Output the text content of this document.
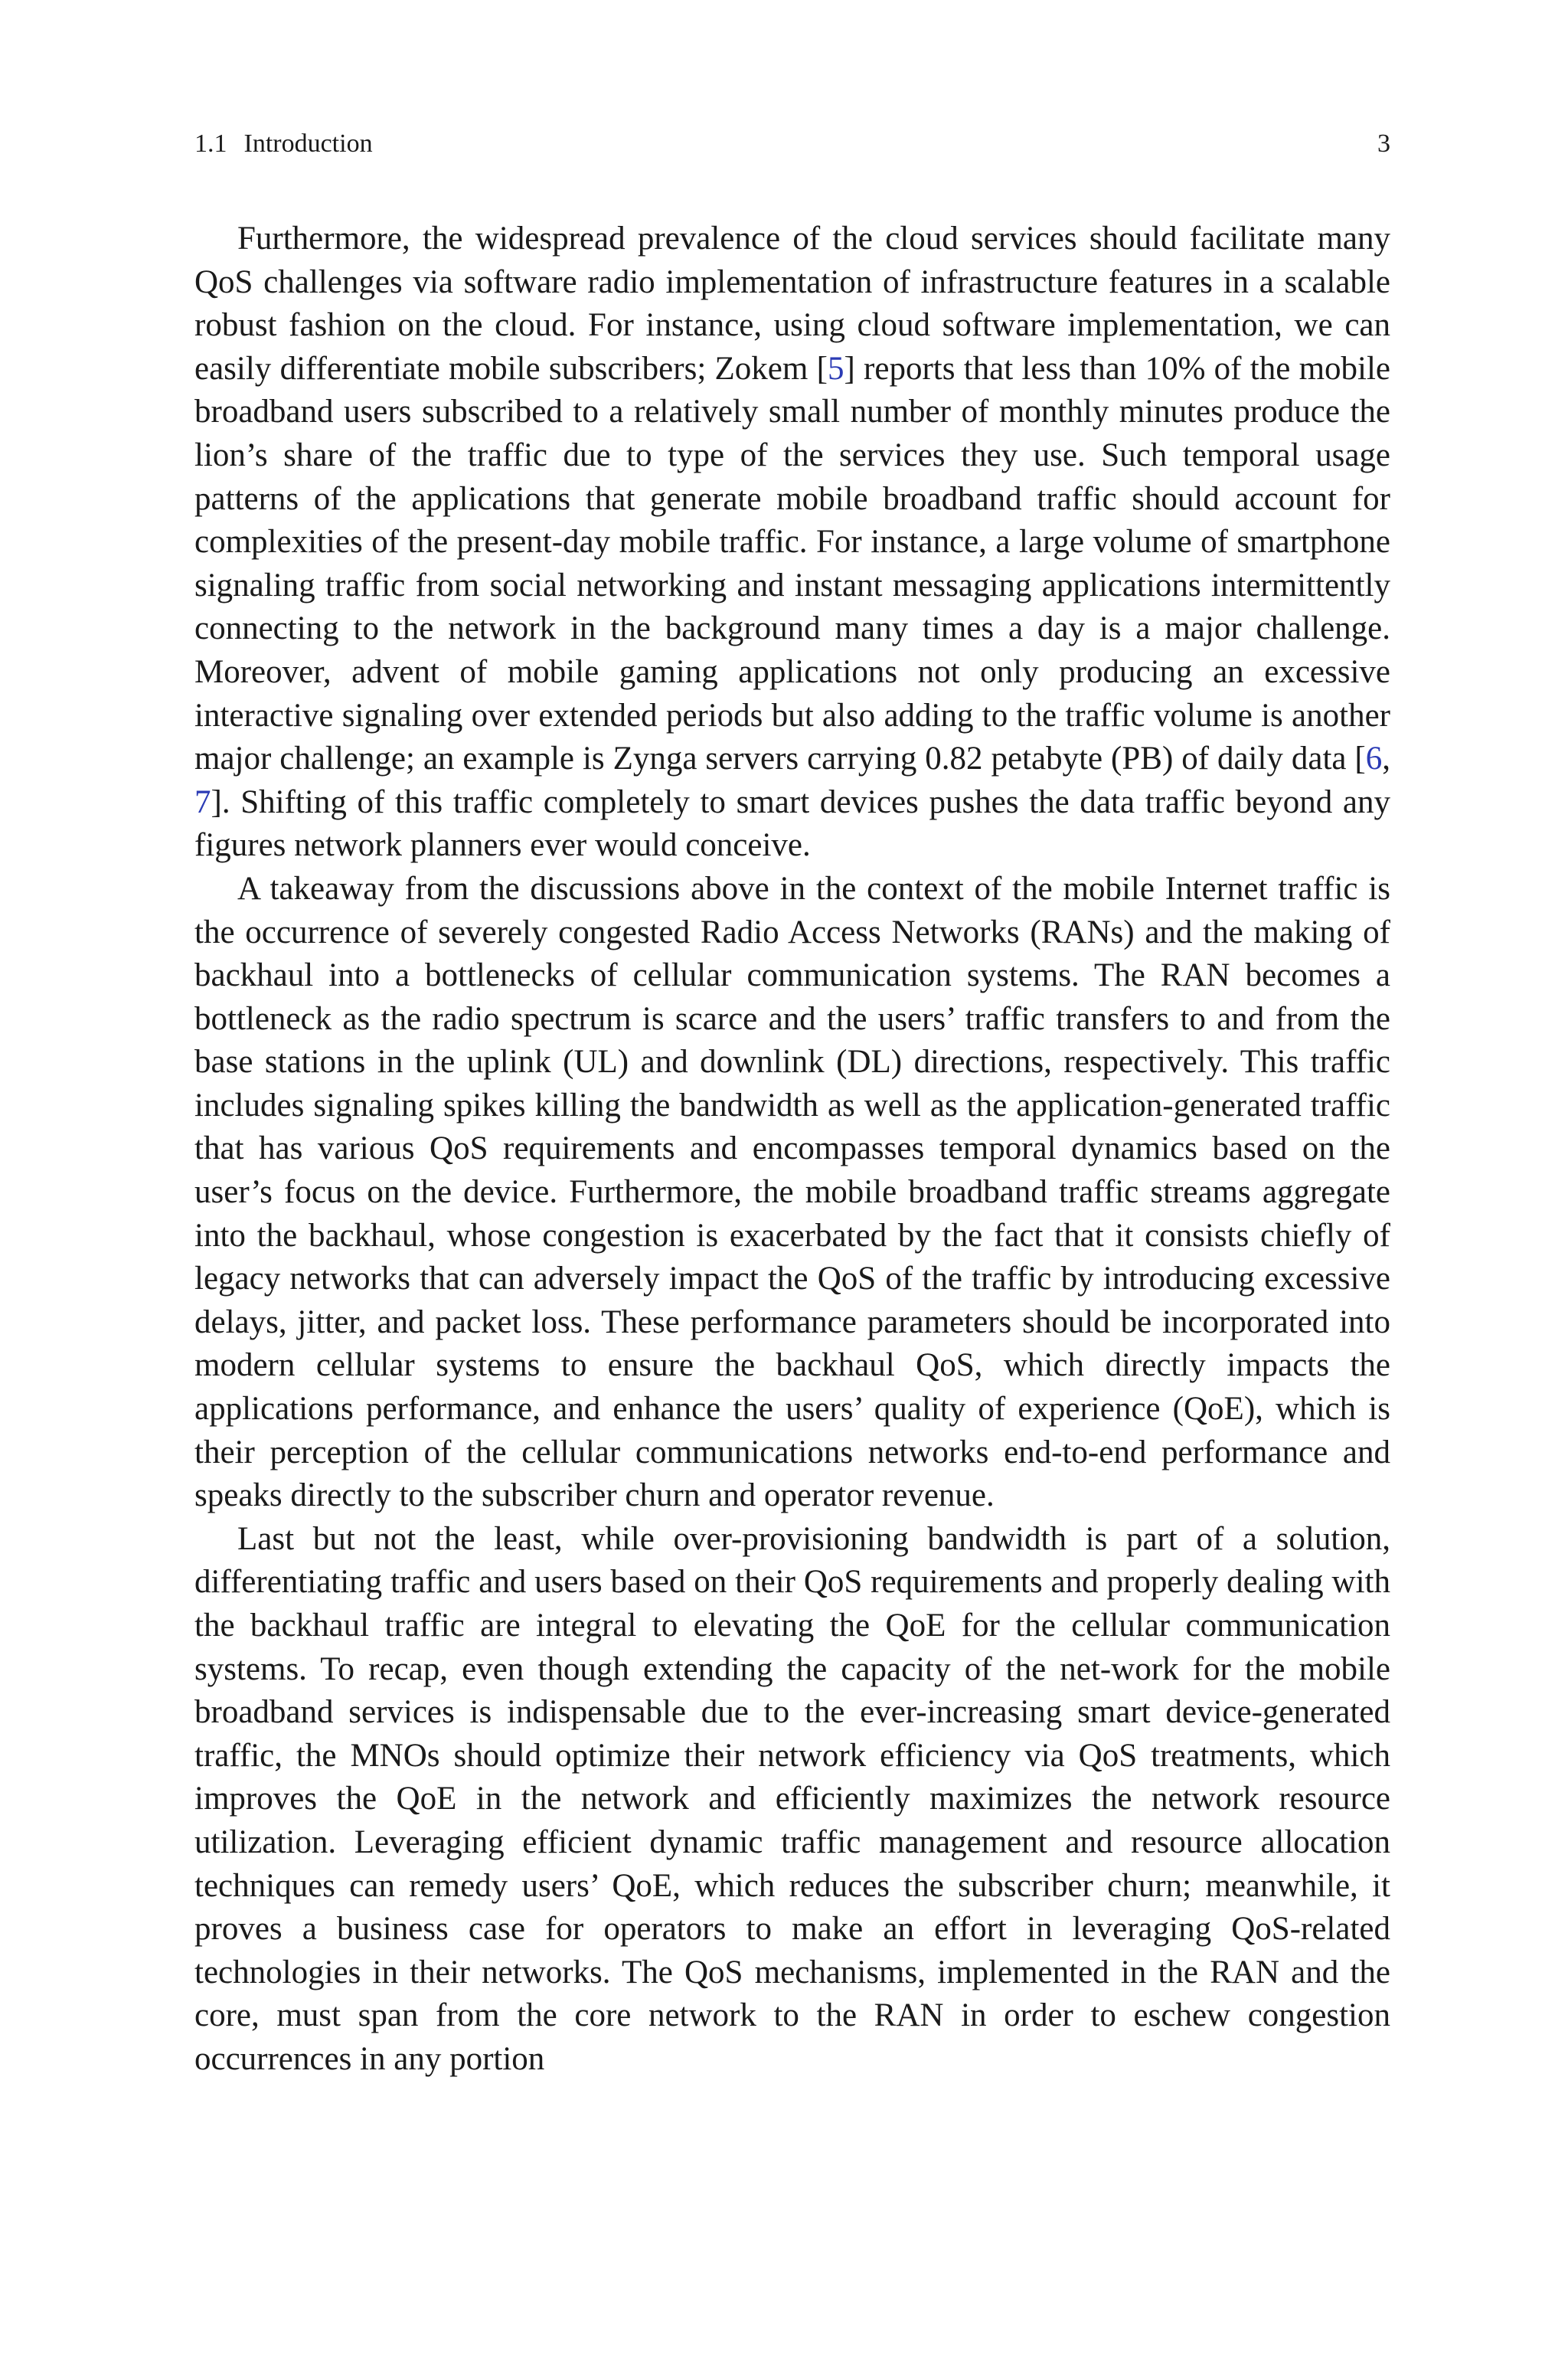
1.1 Introduction	3

Furthermore, the widespread prevalence of the cloud services should facilitate many QoS challenges via software radio implementation of infrastructure features in a scalable robust fashion on the cloud. For instance, using cloud software implementation, we can easily differentiate mobile subscribers; Zokem [5] reports that less than 10% of the mobile broadband users subscribed to a relatively small number of monthly minutes produce the lion’s share of the traffic due to type of the services they use. Such temporal usage patterns of the applications that generate mobile broadband traffic should account for complexities of the present-day mobile traffic. For instance, a large volume of smartphone signaling traffic from social networking and instant messaging applications intermittently connecting to the network in the background many times a day is a major challenge. Moreover, advent of mobile gaming applications not only producing an excessive interactive signaling over extended periods but also adding to the traffic volume is another major challenge; an example is Zynga servers carrying 0.82 petabyte (PB) of daily data [6, 7]. Shifting of this traffic completely to smart devices pushes the data traffic beyond any figures network planners ever would conceive.

A takeaway from the discussions above in the context of the mobile Internet traffic is the occurrence of severely congested Radio Access Networks (RANs) and the making of backhaul into a bottlenecks of cellular communication systems. The RAN becomes a bottleneck as the radio spectrum is scarce and the users’ traffic transfers to and from the base stations in the uplink (UL) and downlink (DL) directions, respectively. This traffic includes signaling spikes killing the bandwidth as well as the application-generated traffic that has various QoS requirements and encompasses temporal dynamics based on the user’s focus on the device. Furthermore, the mobile broadband traffic streams aggregate into the backhaul, whose congestion is exacerbated by the fact that it consists chiefly of legacy networks that can adversely impact the QoS of the traffic by introducing excessive delays, jitter, and packet loss. These performance parameters should be incorporated into modern cellular systems to ensure the backhaul QoS, which directly impacts the applications performance, and enhance the users’ quality of experience (QoE), which is their perception of the cellular communications networks end-to-end performance and speaks directly to the subscriber churn and operator revenue.

Last but not the least, while over-provisioning bandwidth is part of a solution, differentiating traffic and users based on their QoS requirements and properly dealing with the backhaul traffic are integral to elevating the QoE for the cellular communication systems. To recap, even though extending the capacity of the net-work for the mobile broadband services is indispensable due to the ever-increasing smart device-generated traffic, the MNOs should optimize their network efficiency via QoS treatments, which improves the QoE in the network and efficiently maximizes the network resource utilization. Leveraging efficient dynamic traffic management and resource allocation techniques can remedy users’ QoE, which reduces the subscriber churn; meanwhile, it proves a business case for operators to make an effort in leveraging QoS-related technologies in their networks. The QoS mechanisms, implemented in the RAN and the core, must span from the core network to the RAN in order to eschew congestion occurrences in any portion
